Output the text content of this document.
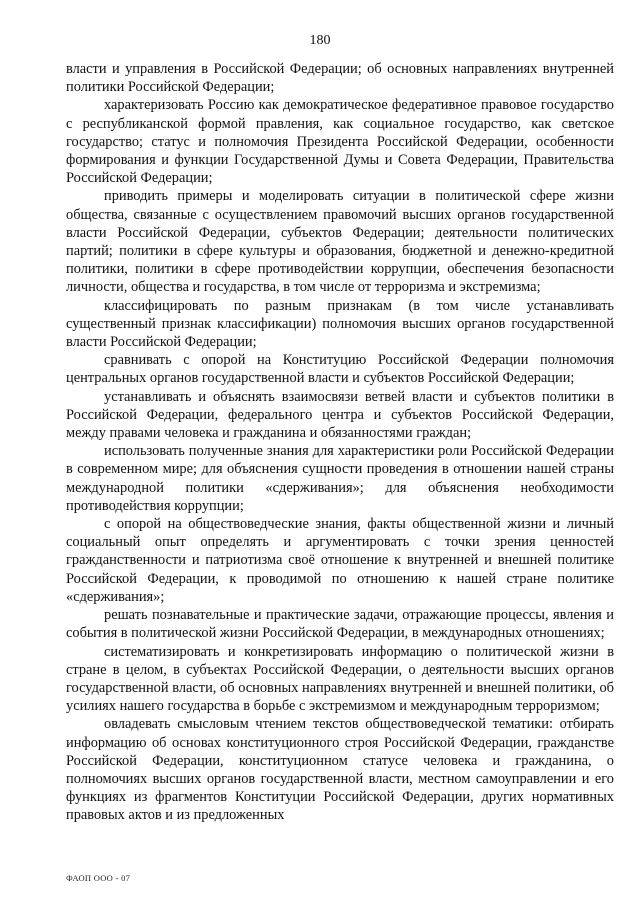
180

власти и управления в Российской Федерации; об основных направлениях внутренней политики Российской Федерации;

характеризовать Россию как демократическое федеративное правовое государство с республиканской формой правления, как социальное государство, как светское государство; статус и полномочия Президента Российской Федерации, особенности формирования и функции Государственной Думы и Совета Федерации, Правительства Российской Федерации;

приводить примеры и моделировать ситуации в политической сфере жизни общества, связанные с осуществлением правомочий высших органов государственной власти Российской Федерации, субъектов Федерации; деятельности политических партий; политики в сфере культуры и образования, бюджетной и денежно-кредитной политики, политики в сфере противодействии коррупции, обеспечения безопасности личности, общества и государства, в том числе от терроризма и экстремизма;

классифицировать по разным признакам (в том числе устанавливать существенный признак классификации) полномочия высших органов государственной власти Российской Федерации;

сравнивать с опорой на Конституцию Российской Федерации полномочия центральных органов государственной власти и субъектов Российской Федерации;

устанавливать и объяснять взаимосвязи ветвей власти и субъектов политики в Российской Федерации, федерального центра и субъектов Российской Федерации, между правами человека и гражданина и обязанностями граждан;

использовать полученные знания для характеристики роли Российской Федерации в современном мире; для объяснения сущности проведения в отношении нашей страны международной политики «сдерживания»; для объяснения необходимости противодействия коррупции;

с опорой на обществоведческие знания, факты общественной жизни и личный социальный опыт определять и аргументировать с точки зрения ценностей гражданственности и патриотизма своё отношение к внутренней и внешней политике Российской Федерации, к проводимой по отношению к нашей стране политике «сдерживания»;

решать познавательные и практические задачи, отражающие процессы, явления и события в политической жизни Российской Федерации, в международных отношениях;

систематизировать и конкретизировать информацию о политической жизни в стране в целом, в субъектах Российской Федерации, о деятельности высших органов государственной власти, об основных направлениях внутренней и внешней политики, об усилиях нашего государства в борьбе с экстремизмом и международным терроризмом;

овладевать смысловым чтением текстов обществоведческой тематики: отбирать информацию об основах конституционного строя Российской Федерации, гражданстве Российской Федерации, конституционном статусе человека и гражданина, о полномочиях высших органов государственной власти, местном самоуправлении и его функциях из фрагментов Конституции Российской Федерации, других нормативных правовых актов и из предложенных

ФАОП ООО - 07
